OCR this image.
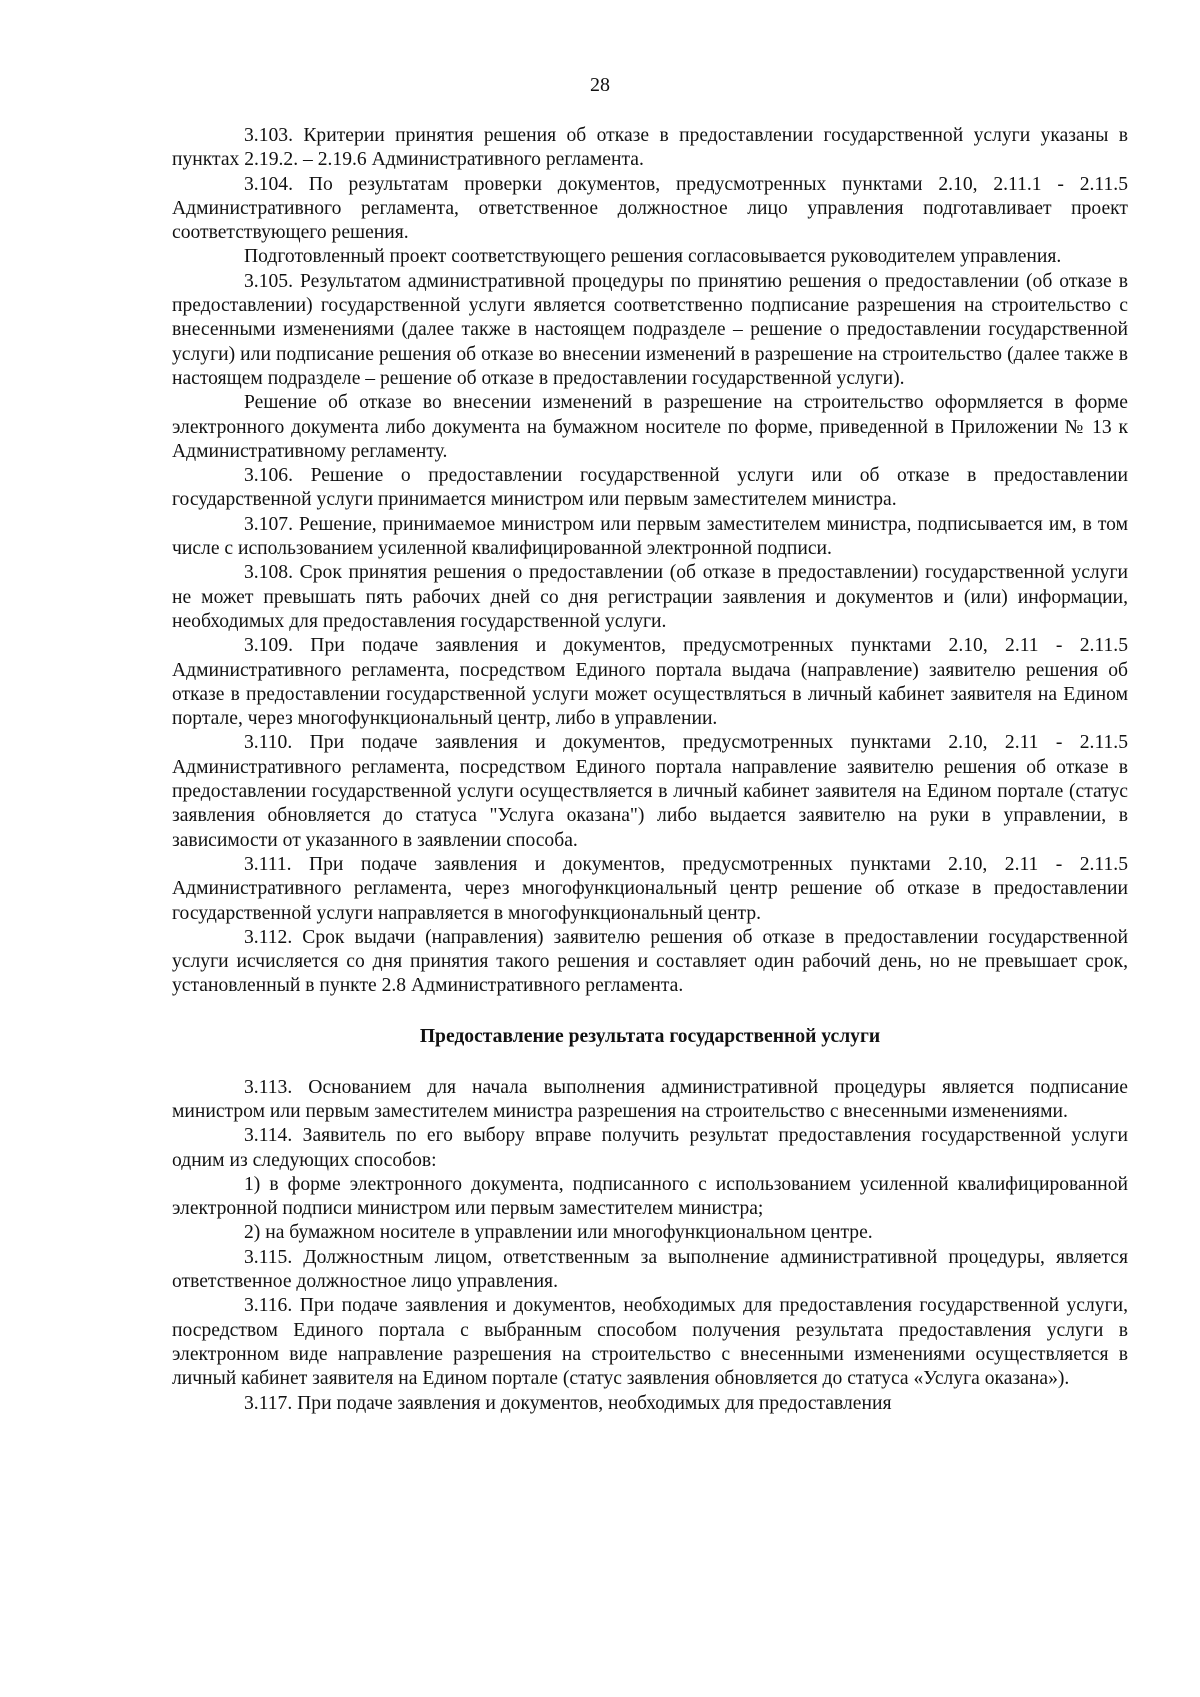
28

3.103. Критерии принятия решения об отказе в предоставлении государственной услуги указаны в пунктах 2.19.2. – 2.19.6 Административного регламента.

3.104. По результатам проверки документов, предусмотренных пунктами 2.10, 2.11.1 - 2.11.5 Административного регламента, ответственное должностное лицо управления подготавливает проект соответствующего решения.

Подготовленный проект соответствующего решения согласовывается руководителем управления.

3.105. Результатом административной процедуры по принятию решения о предоставлении (об отказе в предоставлении) государственной услуги является соответственно подписание разрешения на строительство с внесенными изменениями (далее также в настоящем подразделе – решение о предоставлении государственной услуги) или подписание решения об отказе во внесении изменений в разрешение на строительство (далее также в настоящем подразделе – решение об отказе в предоставлении государственной услуги).

Решение об отказе во внесении изменений в разрешение на строительство оформляется в форме электронного документа либо документа на бумажном носителе по форме, приведенной в Приложении № 13 к Административному регламенту.

3.106. Решение о предоставлении государственной услуги или об отказе в предоставлении государственной услуги принимается министром или первым заместителем министра.

3.107. Решение, принимаемое министром или первым заместителем министра, подписывается им, в том числе с использованием усиленной квалифицированной электронной подписи.

3.108. Срок принятия решения о предоставлении (об отказе в предоставлении) государственной услуги не может превышать пять рабочих дней со дня регистрации заявления и документов и (или) информации, необходимых для предоставления государственной услуги.

3.109. При подаче заявления и документов, предусмотренных пунктами 2.10, 2.11 - 2.11.5 Административного регламента, посредством Единого портала выдача (направление) заявителю решения об отказе в предоставлении государственной услуги может осуществляться в личный кабинет заявителя на Едином портале, через многофункциональный центр, либо в управлении.

3.110. При подаче заявления и документов, предусмотренных пунктами 2.10, 2.11 - 2.11.5 Административного регламента, посредством Единого портала направление заявителю решения об отказе в предоставлении государственной услуги осуществляется в личный кабинет заявителя на Едином портале (статус заявления обновляется до статуса "Услуга оказана") либо выдается заявителю на руки в управлении, в зависимости от указанного в заявлении способа.

3.111. При подаче заявления и документов, предусмотренных пунктами 2.10, 2.11 - 2.11.5 Административного регламента, через многофункциональный центр решение об отказе в предоставлении государственной услуги направляется в многофункциональный центр.

3.112. Срок выдачи (направления) заявителю решения об отказе в предоставлении государственной услуги исчисляется со дня принятия такого решения и составляет один рабочий день, но не превышает срок, установленный в пункте 2.8 Административного регламента.

Предоставление результата государственной услуги

3.113. Основанием для начала выполнения административной процедуры является подписание министром или первым заместителем министра разрешения на строительство с внесенными изменениями.

3.114. Заявитель по его выбору вправе получить результат предоставления государственной услуги одним из следующих способов:

1) в форме электронного документа, подписанного с использованием усиленной квалифицированной электронной подписи министром или первым заместителем министра;

2) на бумажном носителе в управлении или многофункциональном центре.

3.115. Должностным лицом, ответственным за выполнение административной процедуры, является ответственное должностное лицо управления.

3.116. При подаче заявления и документов, необходимых для предоставления государственной услуги, посредством Единого портала с выбранным способом получения результата предоставления услуги в электронном виде направление разрешения на строительство с внесенными изменениями осуществляется в личный кабинет заявителя на Едином портале (статус заявления обновляется до статуса «Услуга оказана»).

3.117. При подаче заявления и документов, необходимых для предоставления
